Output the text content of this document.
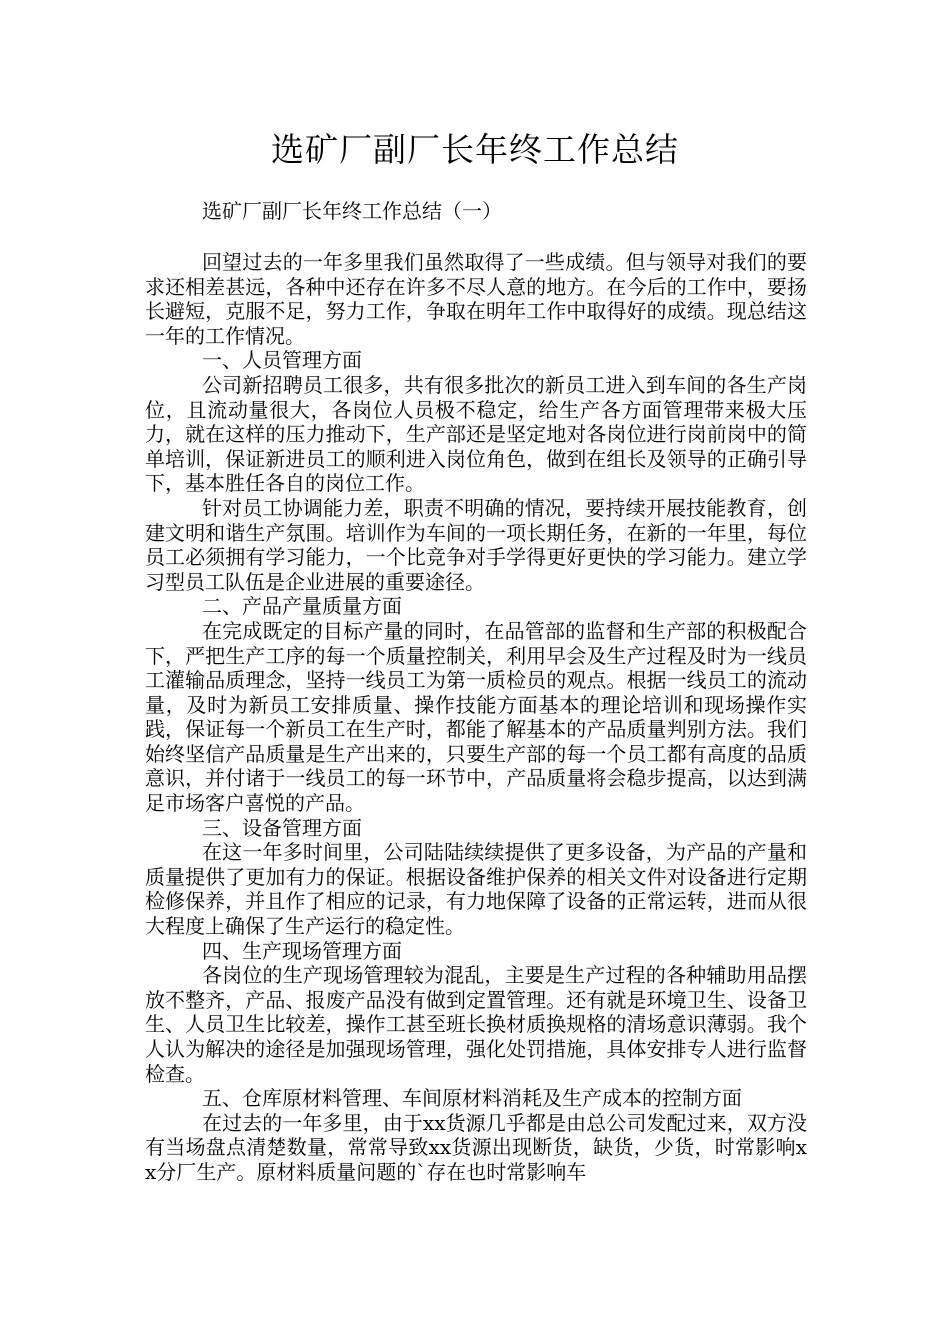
选矿厂副厂长年终工作总结
选矿厂副厂长年终工作总结（一）

回望过去的一年多里我们虽然取得了一些成绩。但与领导对我们的要求还相差甚远，各种中还存在许多不尽人意的地方。在今后的工作中，要扬长避短，克服不足，努力工作，争取在明年工作中取得好的成绩。现总结这一年的工作情况。

一、人员管理方面

公司新招聘员工很多，共有很多批次的新员工进入到车间的各生产岗位，且流动量很大，各岗位人员极不稳定，给生产各方面管理带来极大压力，就在这样的压力推动下，生产部还是坚定地对各岗位进行岗前岗中的简单培训，保证新进员工的顺利进入岗位角色，做到在组长及领导的正确引导下，基本胜任各自的岗位工作。

针对员工协调能力差，职责不明确的情况，要持续开展技能教育，创建文明和谐生产氛围。培训作为车间的一项长期任务，在新的一年里，每位员工必须拥有学习能力，一个比竞争对手学得更好更快的学习能力。建立学习型员工队伍是企业进展的重要途径。

二、产品产量质量方面

在完成既定的目标产量的同时，在品管部的监督和生产部的积极配合下，严把生产工序的每一个质量控制关，利用早会及生产过程及时为一线员工灌输品质理念，坚持一线员工为第一质检员的观点。根据一线员工的流动量，及时为新员工安排质量、操作技能方面基本的理论培训和现场操作实践，保证每一个新员工在生产时，都能了解基本的产品质量判别方法。我们始终坚信产品质量是生产出来的，只要生产部的每一个员工都有高度的品质意识，并付诸于一线员工的每一环节中，产品质量将会稳步提高，以达到满足市场客户喜悦的产品。

三、设备管理方面

在这一年多时间里，公司陆陆续续提供了更多设备，为产品的产量和质量提供了更加有力的保证。根据设备维护保养的相关文件对设备进行定期检修保养，并且作了相应的记录，有力地保障了设备的正常运转，进而从很大程度上确保了生产运行的稳定性。

四、生产现场管理方面

各岗位的生产现场管理较为混乱，主要是生产过程的各种辅助用品摆放不整齐，产品、报废产品没有做到定置管理。还有就是环境卫生、设备卫生、人员卫生比较差，操作工甚至班长换材质换规格的清场意识薄弱。我个人认为解决的途径是加强现场管理，强化处罚措施，具体安排专人进行监督检查。

五、仓库原材料管理、车间原材料消耗及生产成本的控制方面

在过去的一年多里，由于xx货源几乎都是由总公司发配过来，双方没有当场盘点清楚数量，常常导致xx货源出现断货，缺货，少货，时常影响xx分厂生产。原材料质量问题的`存在也时常影响车
